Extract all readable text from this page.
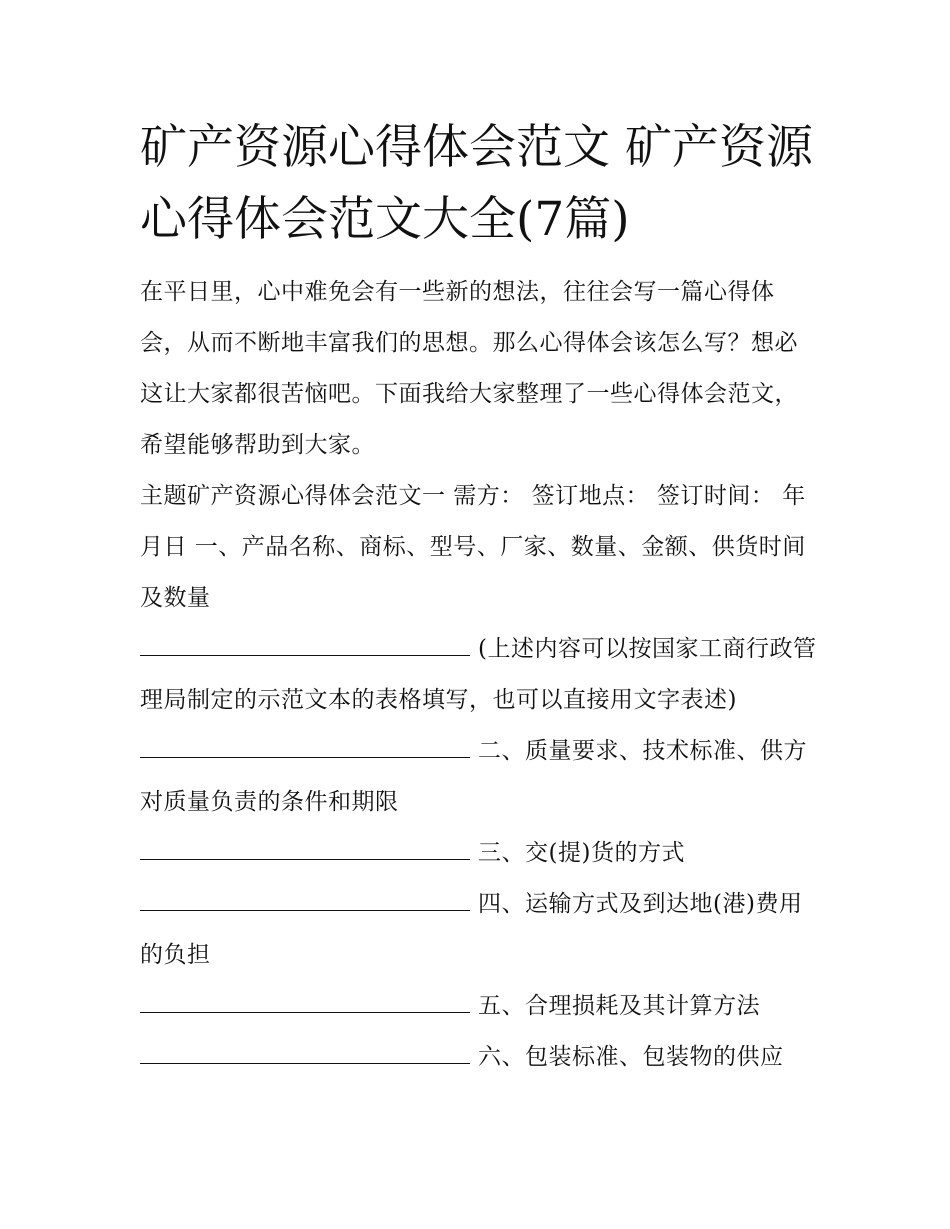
矿产资源心得体会范文 矿产资源心得体会范文大全(7篇)

在平日里，心中难免会有一些新的想法，往往会写一篇心得体会，从而不断地丰富我们的思想。那么心得体会该怎么写？想必这让大家都很苦恼吧。下面我给大家整理了一些心得体会范文，希望能够帮助到大家。

主题矿产资源心得体会范文一 需方： 签订地点： 签订时间： 年月日 一、产品名称、商标、型号、厂家、数量、金额、供货时间及数量

(上述内容可以按国家工商行政管理局制定的示范文本的表格填写，也可以直接用文字表述)

二、质量要求、技术标准、供方对质量负责的条件和期限

三、交(提)货的方式

四、运输方式及到达地(港)费用的负担

五、合理损耗及其计算方法

六、包装标准、包装物的供应
